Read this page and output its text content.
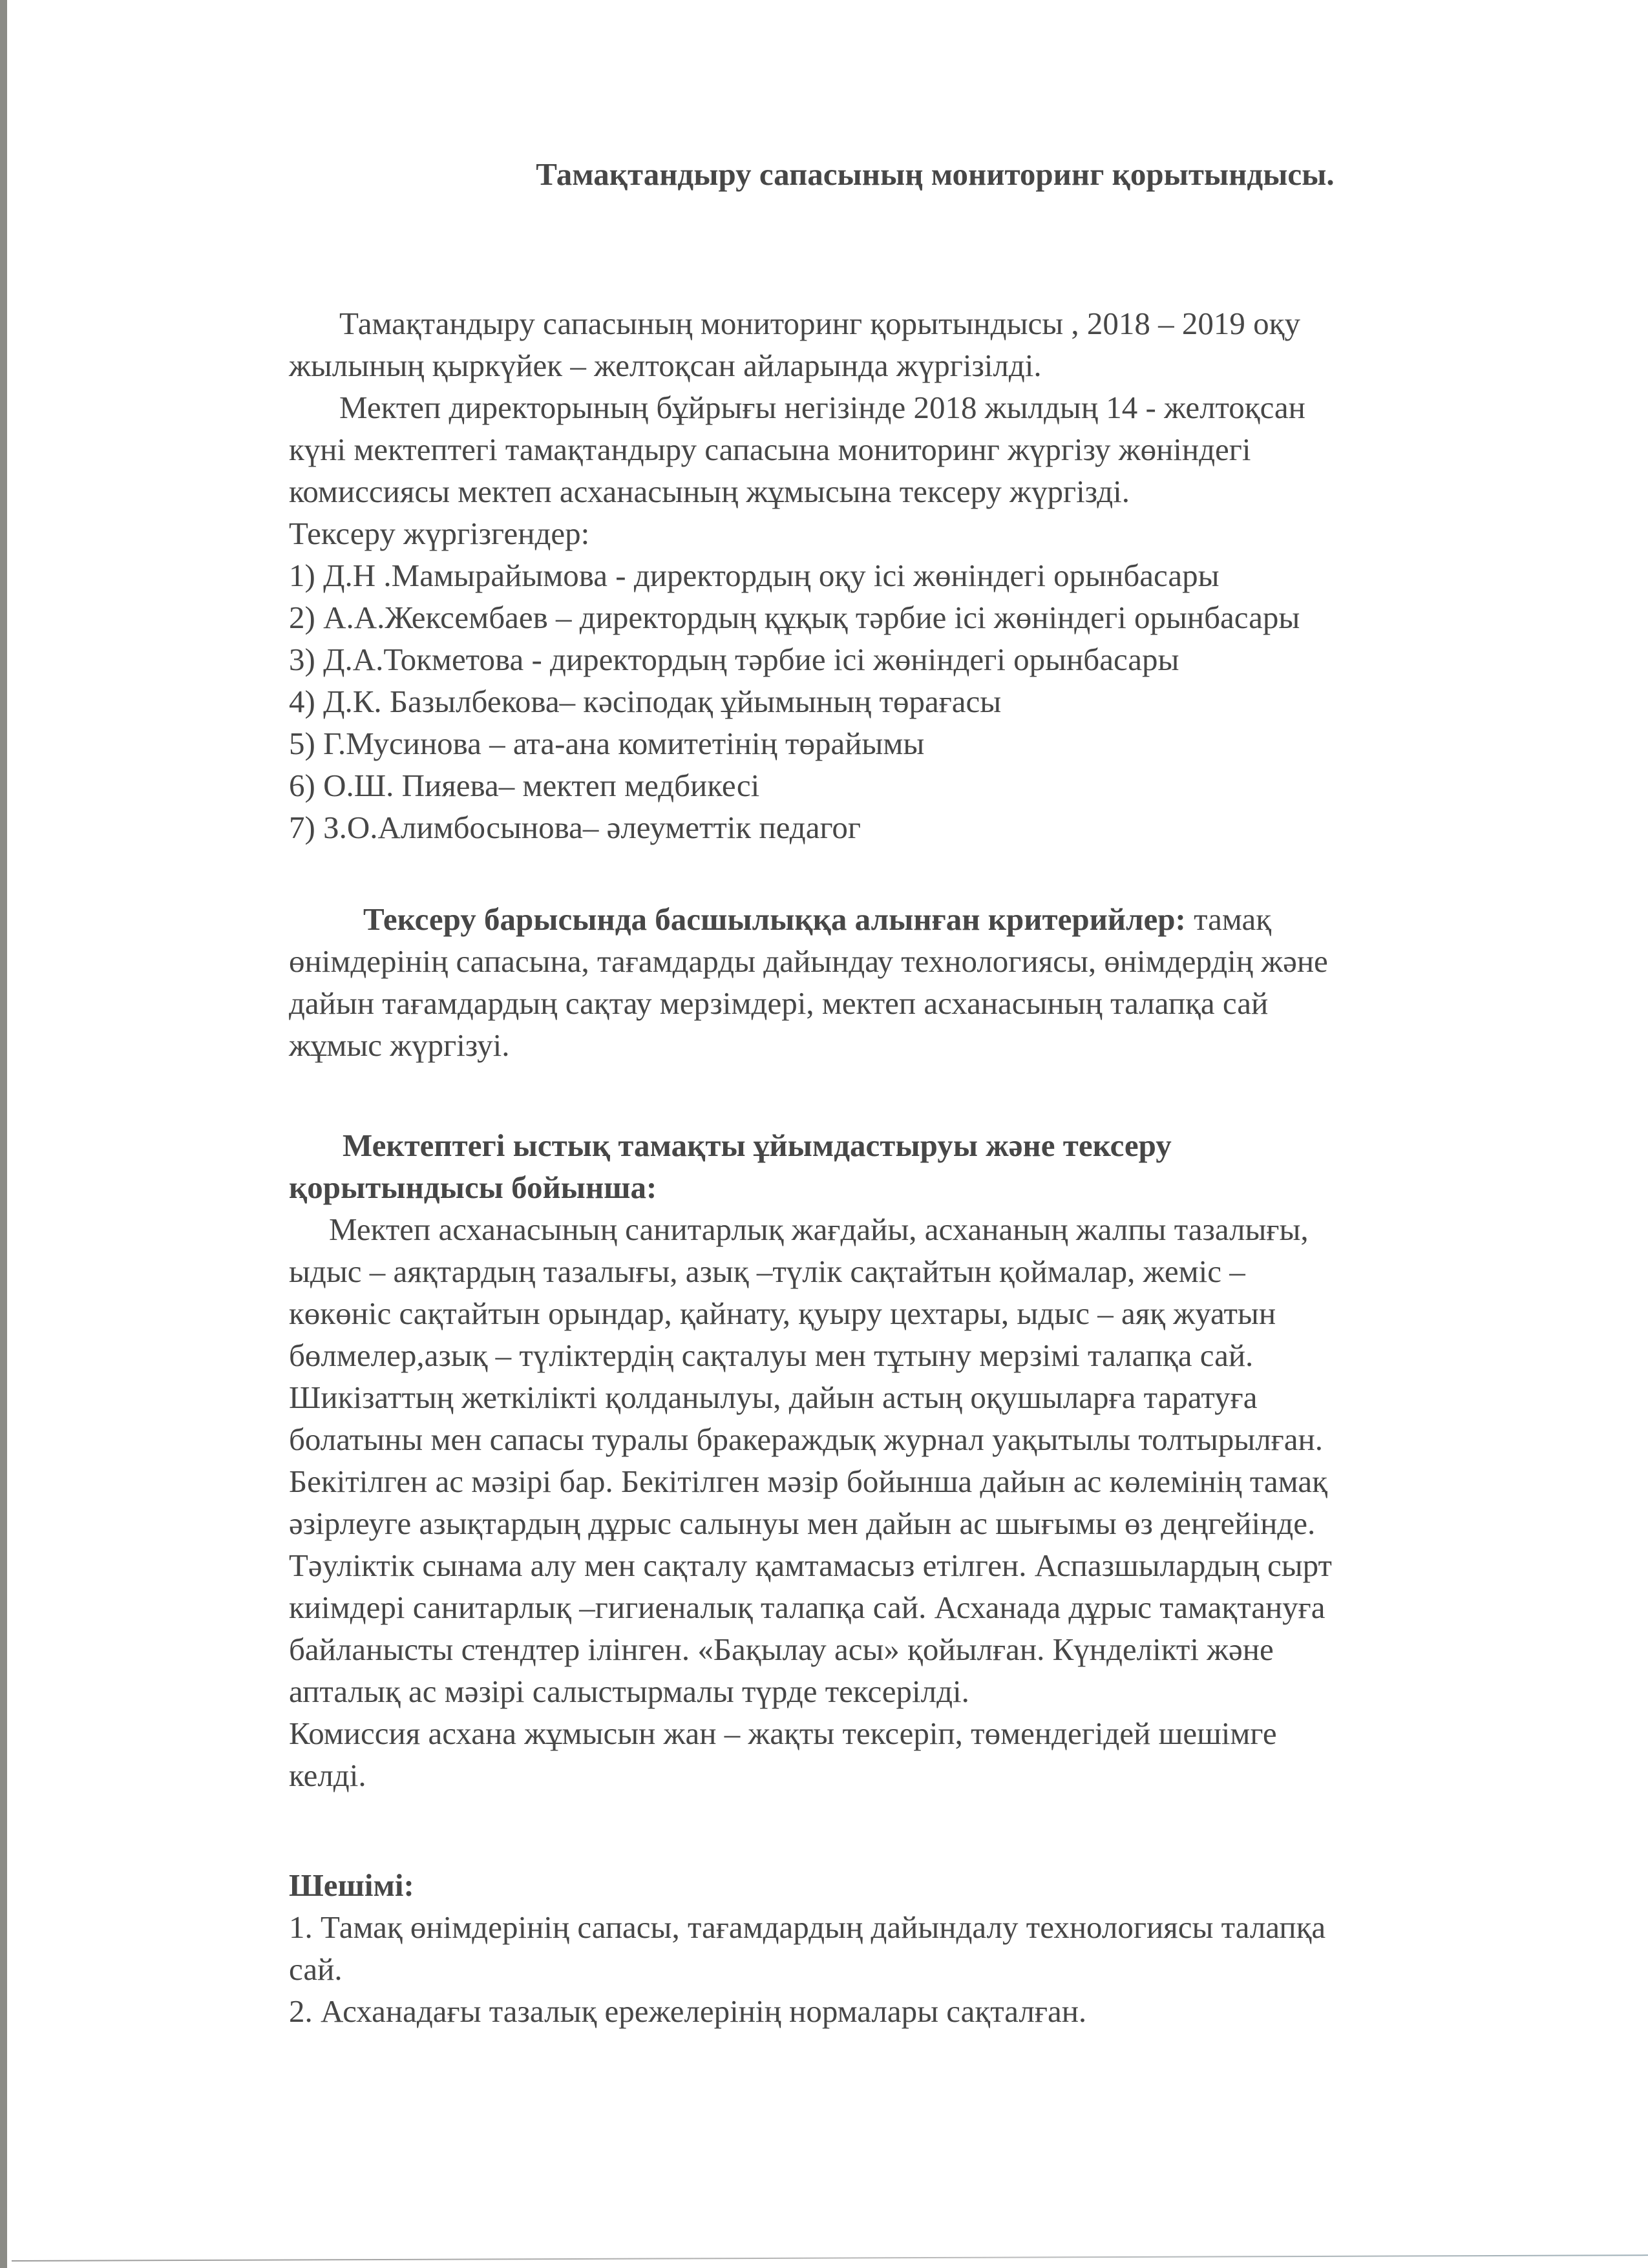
Тамақтандыру сапасының мониторинг қорытындысы.
Тамақтандыру сапасының мониторинг қорытындысы , 2018 – 2019 оқу
жылының қыркүйек – желтоқсан айларында жүргізілді.
Мектеп директорының бұйрығы негізінде 2018 жылдың 14 - желтоқсан
күні мектептегі тамақтандыру сапасына мониторинг жүргізу жөніндегі
комиссиясы мектеп асханасының жұмысына тексеру жүргізді.
Тексеру жүргізгендер:
1) Д.Н .Мамырайымова - директордың оқу ісі жөніндегі орынбасары
2) А.А.Жексембаев – директордың құқық тәрбие ісі жөніндегі орынбасары
3) Д.А.Токметова - директордың тәрбие ісі жөніндегі орынбасары
4) Д.К. Базылбекова– кәсіподақ ұйымының төрағасы
5) Г.Мусинова – ата-ана комитетінің төрайымы
6) О.Ш. Пияева– мектеп медбикесі
7) З.О.Алимбосынова– әлеуметтік педагог
Тексеру барысында басшылыққа алынған критерийлер: тамақ
өнімдерінің сапасына, тағамдарды дайындау технологиясы, өнімдердің және
дайын тағамдардың сақтау мерзімдері, мектеп асханасының талапқа сай
жұмыс жүргізуі.
Мектептегі ыстық тамақты ұйымдастыруы және тексеру
қорытындысы бойынша:
Мектеп асханасының санитарлық жағдайы, асхананың жалпы тазалығы,
ыдыс – аяқтардың тазалығы, азық –түлік сақтайтын қоймалар, жеміс –
көкөніс сақтайтын орындар, қайнату, қуыру цехтары, ыдыс – аяқ жуатын
бөлмелер,азық – түліктердің сақталуы мен тұтыну мерзімі талапқа сай.
Шикізаттың жеткілікті қолданылуы, дайын астың оқушыларға таратуға
болатыны мен сапасы туралы бракераждық журнал уақытылы толтырылған.
Бекітілген ас мәзірі бар. Бекітілген мәзір бойынша дайын ас көлемінің тамақ
әзірлеуге азықтардың дұрыс салынуы мен дайын ас шығымы өз деңгейінде.
Тәуліктік сынама алу мен сақталу қамтамасыз етілген. Аспазшылардың сырт
киімдері санитарлық –гигиеналық талапқа сай. Асханада дұрыс тамақтануға
байланысты стендтер ілінген. «Бақылау асы» қойылған. Күнделікті және
апталық ас мәзірі салыстырмалы түрде тексерілді.
Комиссия асхана жұмысын жан – жақты тексеріп, төмендегідей шешімге
келді.
Шешімі:
1. Тамақ өнімдерінің сапасы, тағамдардың дайындалу технологиясы талапқа
сай.
2. Асханадағы тазалық ережелерінің нормалары сақталған.
